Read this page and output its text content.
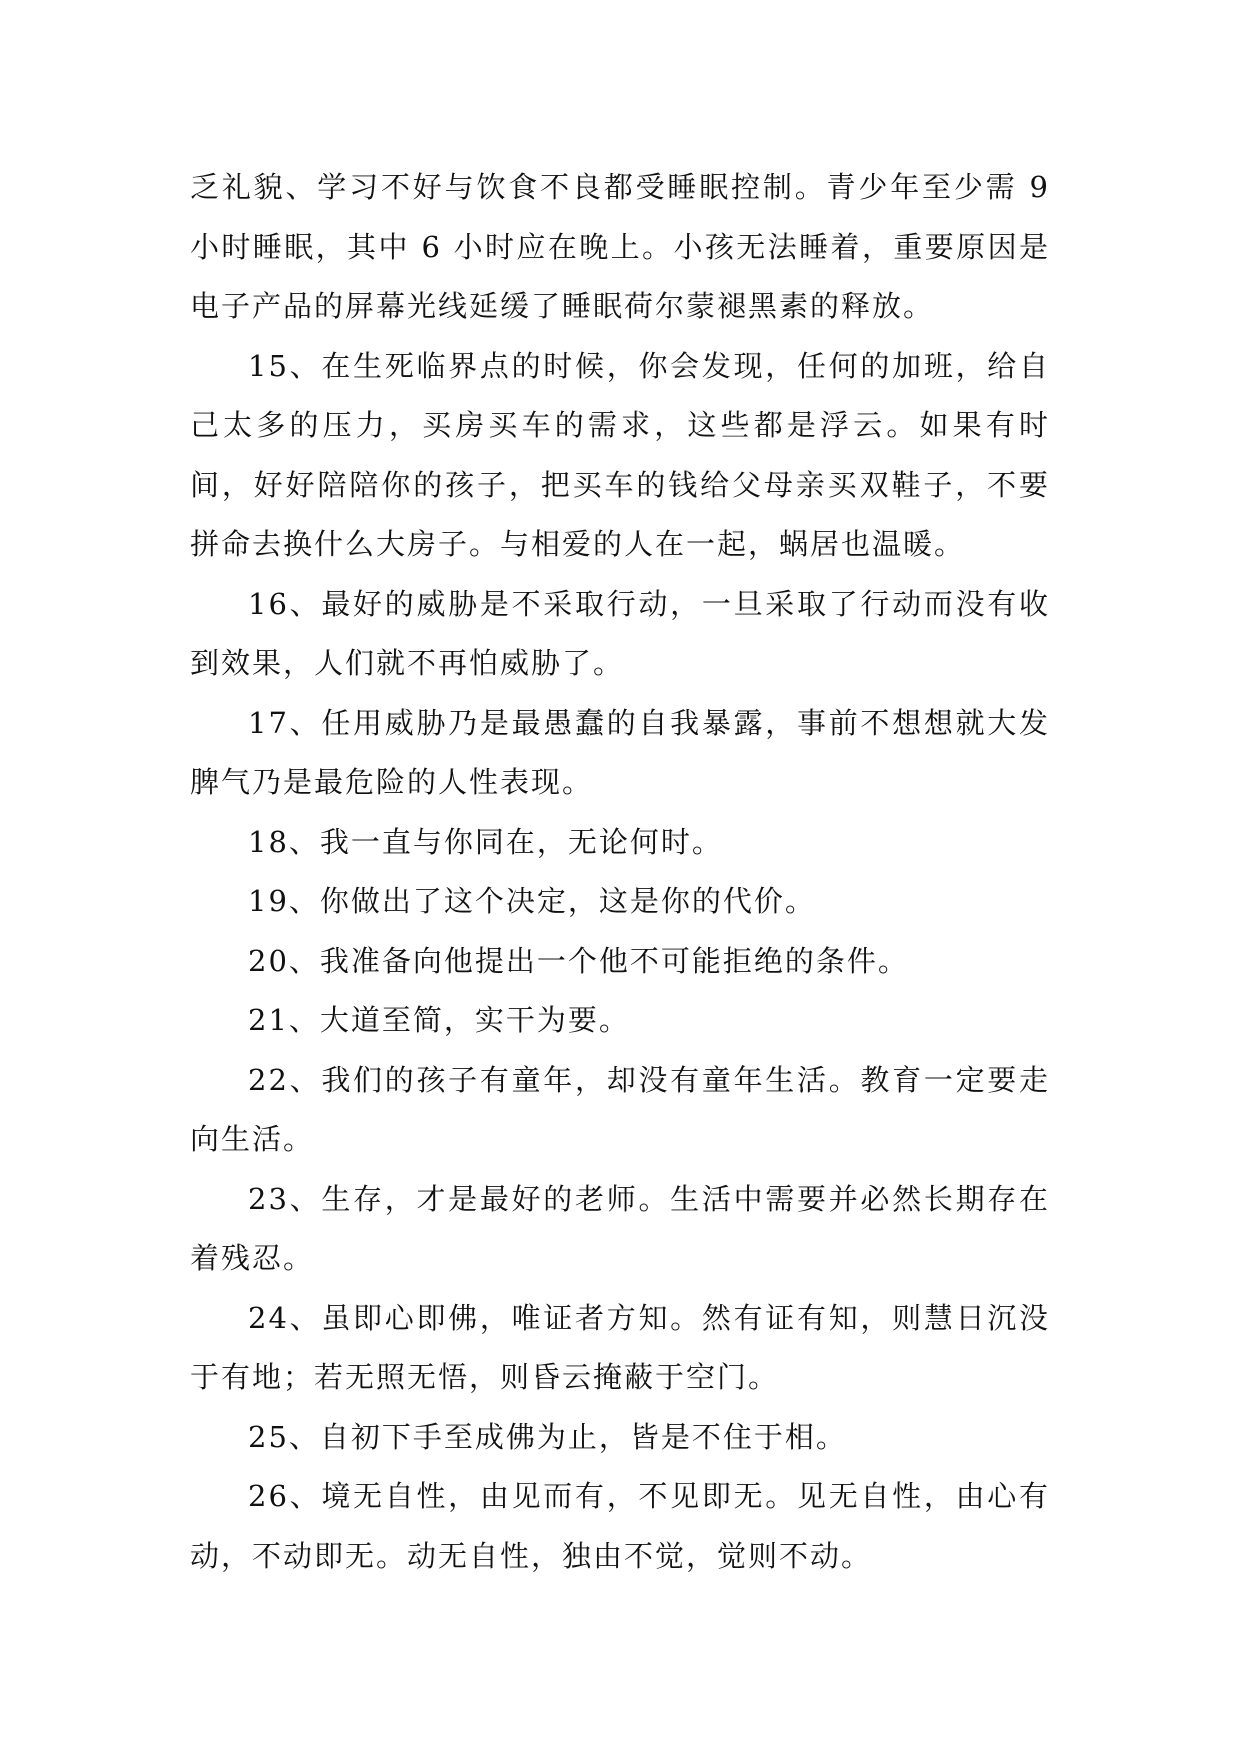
乏礼貌、学习不好与饮食不良都受睡眠控制。青少年至少需 9 小时睡眠，其中 6 小时应在晚上。小孩无法睡着，重要原因是电子产品的屏幕光线延缓了睡眠荷尔蒙褪黑素的释放。

15、在生死临界点的时候，你会发现，任何的加班，给自己太多的压力，买房买车的需求，这些都是浮云。如果有时间，好好陪陪你的孩子，把买车的钱给父母亲买双鞋子，不要拼命去换什么大房子。与相爱的人在一起，蜗居也温暖。

16、最好的威胁是不采取行动，一旦采取了行动而没有收到效果，人们就不再怕威胁了。

17、任用威胁乃是最愚蠢的自我暴露，事前不想想就大发脾气乃是最危险的人性表现。

18、我一直与你同在，无论何时。

19、你做出了这个决定，这是你的代价。

20、我准备向他提出一个他不可能拒绝的条件。

21、大道至简，实干为要。

22、我们的孩子有童年，却没有童年生活。教育一定要走向生活。

23、生存，才是最好的老师。生活中需要并必然长期存在着残忍。

24、虽即心即佛，唯证者方知。然有证有知，则慧日沉没于有地；若无照无悟，则昏云掩蔽于空门。

25、自初下手至成佛为止，皆是不住于相。

26、境无自性，由见而有，不见即无。见无自性，由心有动，不动即无。动无自性，独由不觉，觉则不动。
